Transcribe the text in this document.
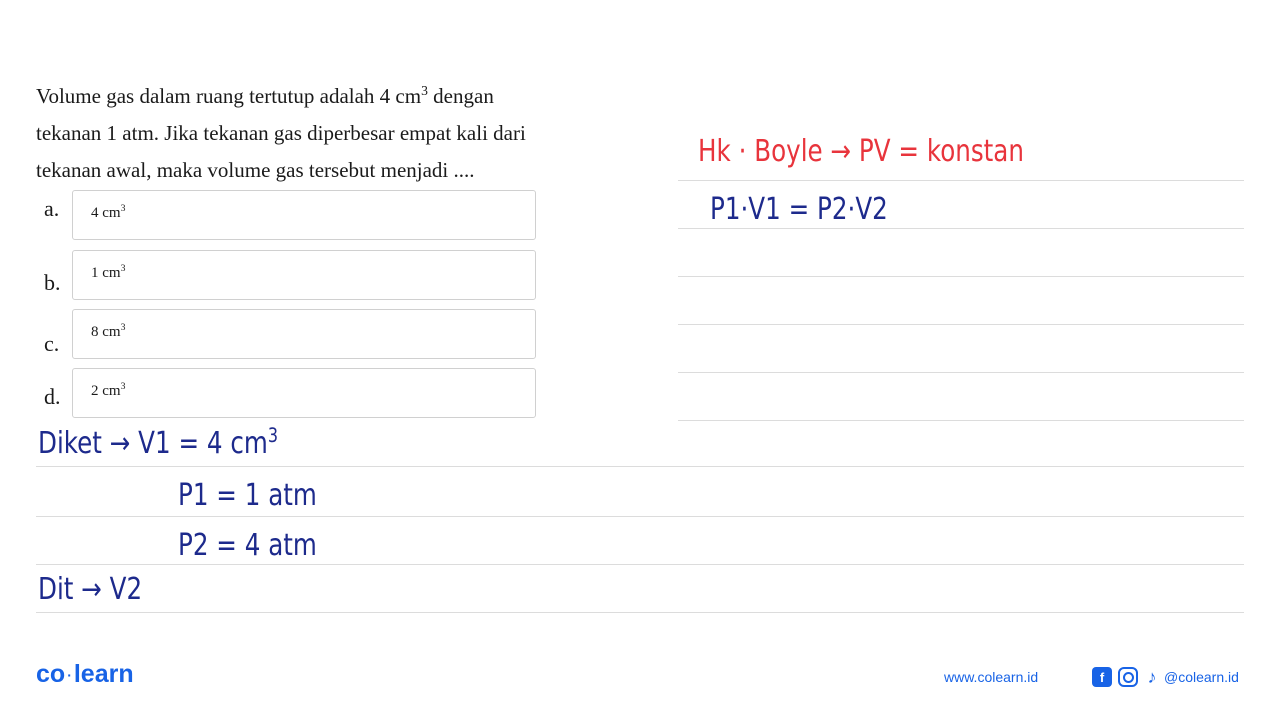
Volume gas dalam ruang tertutup adalah 4 $cm^3$ dengan

tekanan 1 atm. Jika tekanan gas diperbesar empat kali dari

tekanan awal, maka volume gas tersebut menjadi ....

a. 4 $cm^3$
b. 1 $cm^3$
c. 8 $cm^3$
d. 2 $cm^3$
Hk · Boyle → PV = konstan
P1·V1 = P2·V2
Diket → V1 = 4 $cm^3$
P1 = 1 atm
P2 = 4 atm
Dit → V2
co ·learn	www.colearn.id	f	♪ @colearn.id
